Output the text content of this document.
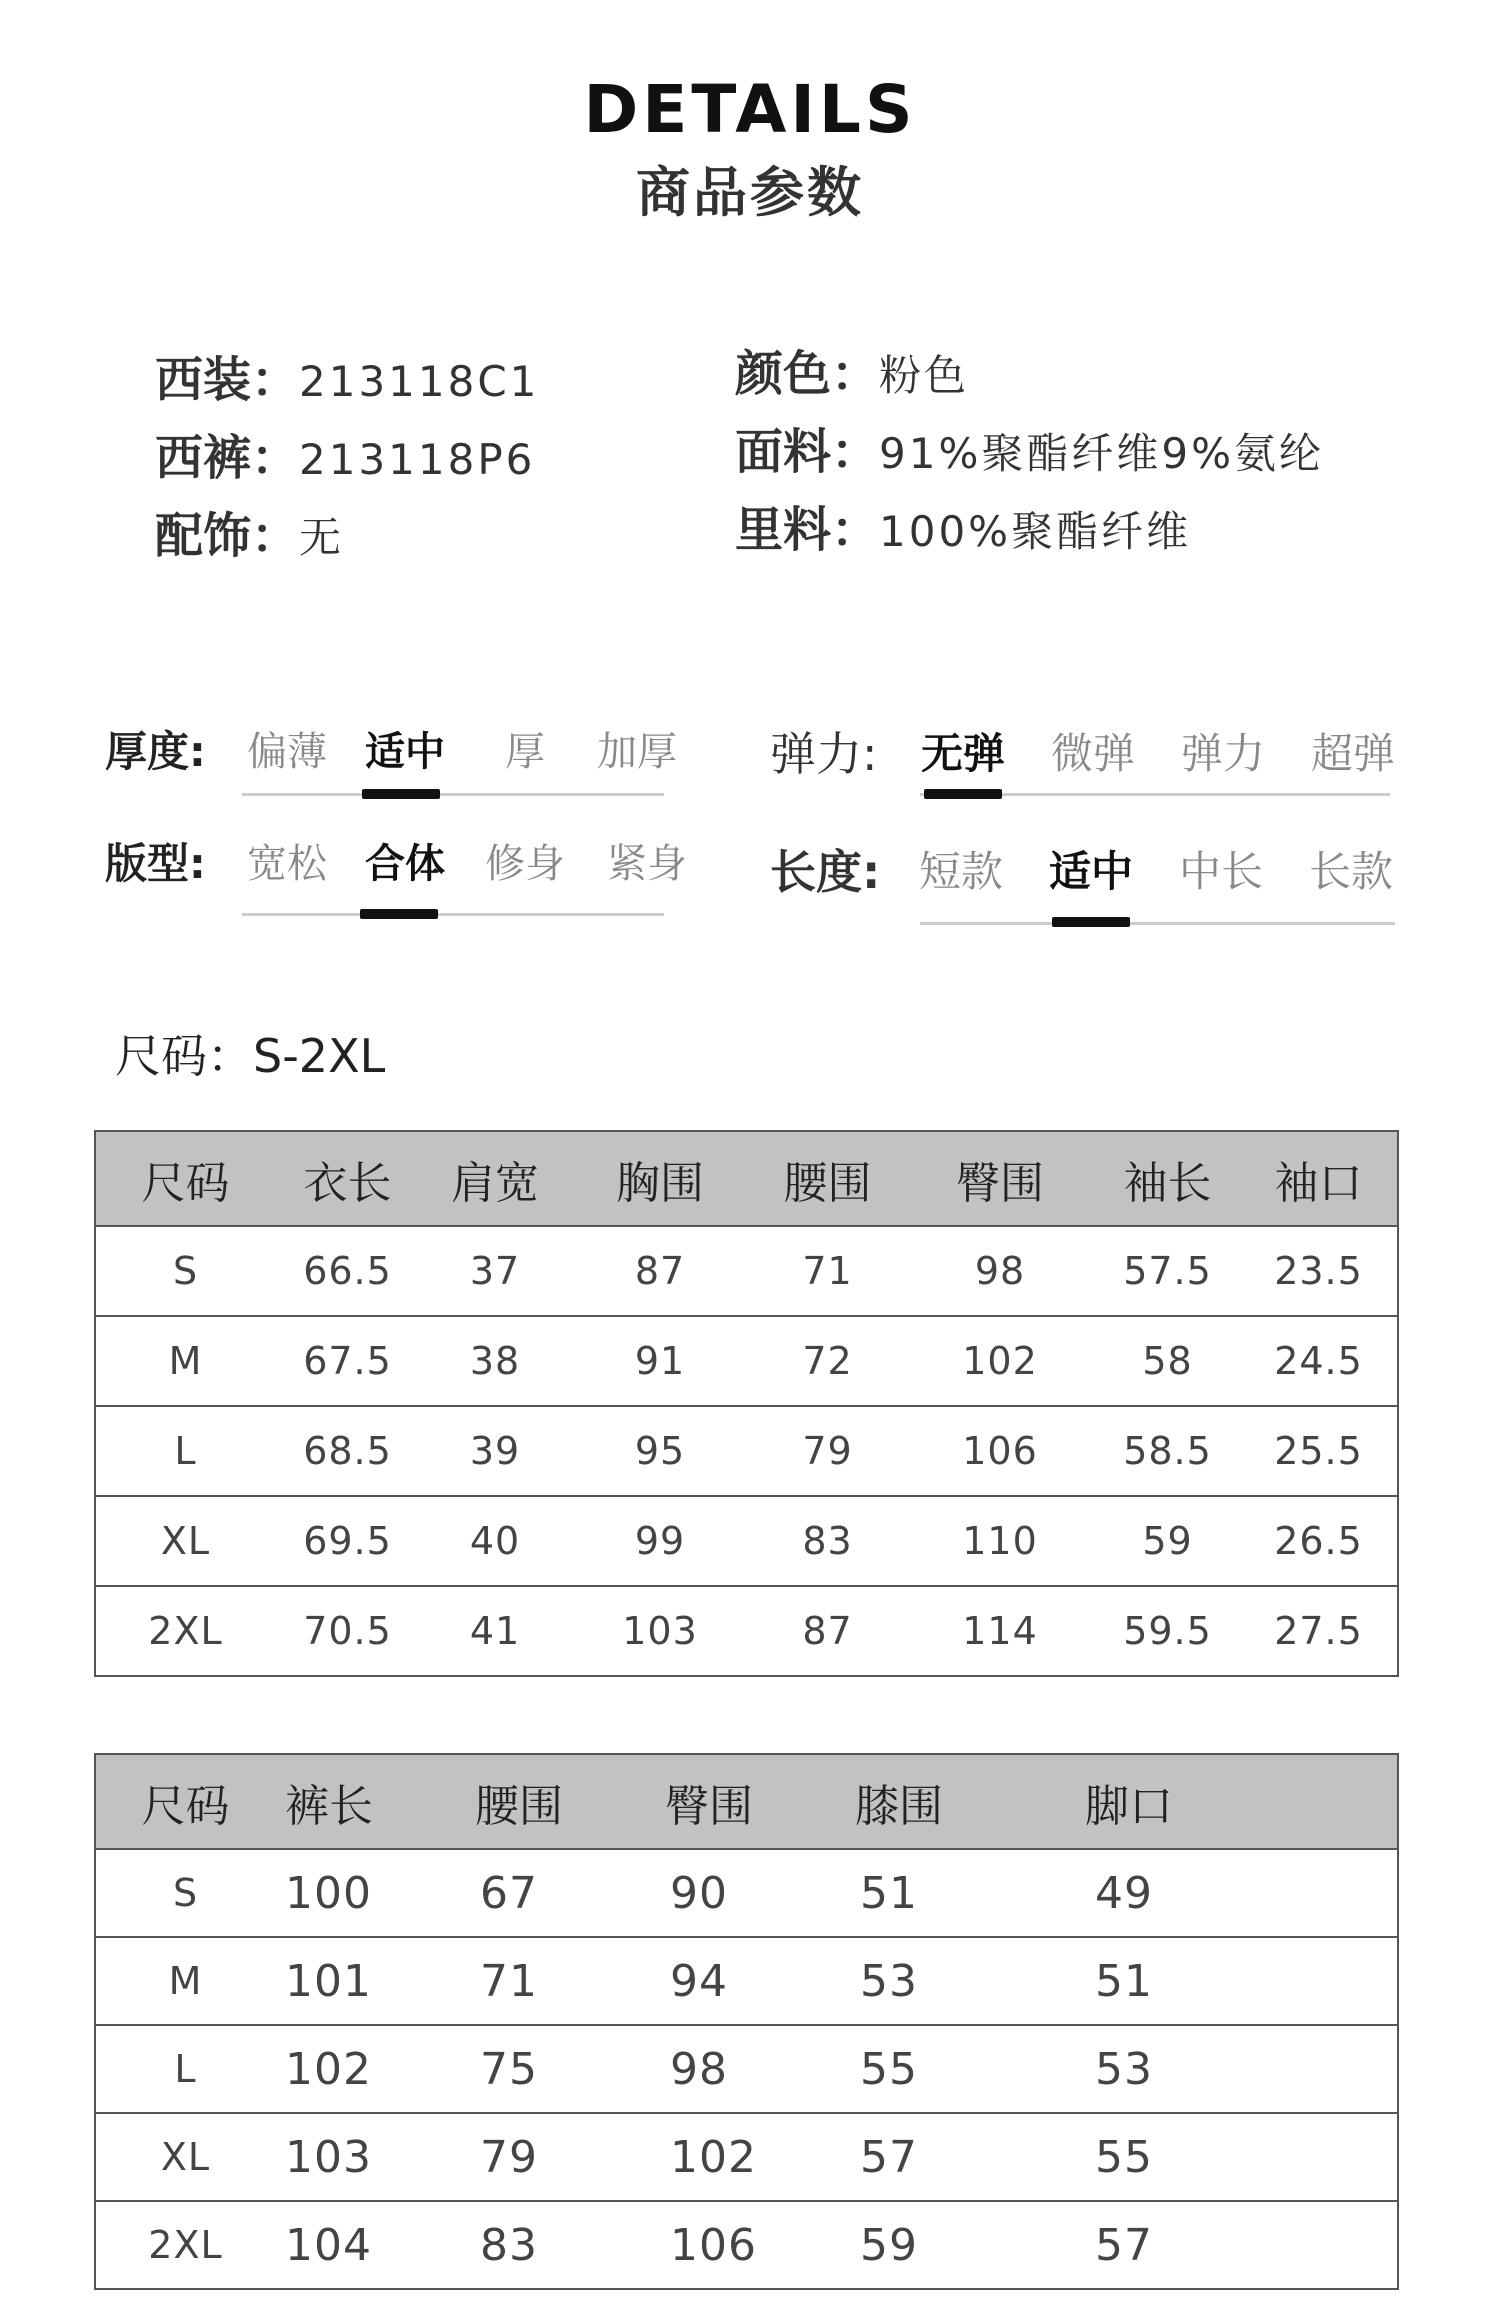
DETAILS
商品参数
西装：213118C1
西裤：213118P6
配饰：无
颜色：粉色
面料：91%聚酯纤维9%氨纶
里料：100%聚酯纤维
厚度:	偏薄 适中	厚	加厚	弹力:	无弹	微弹	弹力	超弹
版型:	宽松 合体	修身	紧身	长度: 短款	适中	中长	长款
尺码：S-2XL
尺码	衣长	肩宽	胸围	腰围	臀围	袖长	袖口
S	66.5	37	87	71	98	57.5	23.5
M	67.5	38	91	72	102	58	24.5
L	68.5	39	95	79	106	58.5	25.5
XL	69.5	40	99	83	110	59	26.5
2XL	70.5	41	103	87	114	59.5	27.5
尺码	裤长	腰围	臀围	膝围	脚口
S	100	67	90	51	49
M	101	71	94	53	51
L	102	75	98	55	53
XL	103	79	102	57	55
2XL	104	83	106	59	57
